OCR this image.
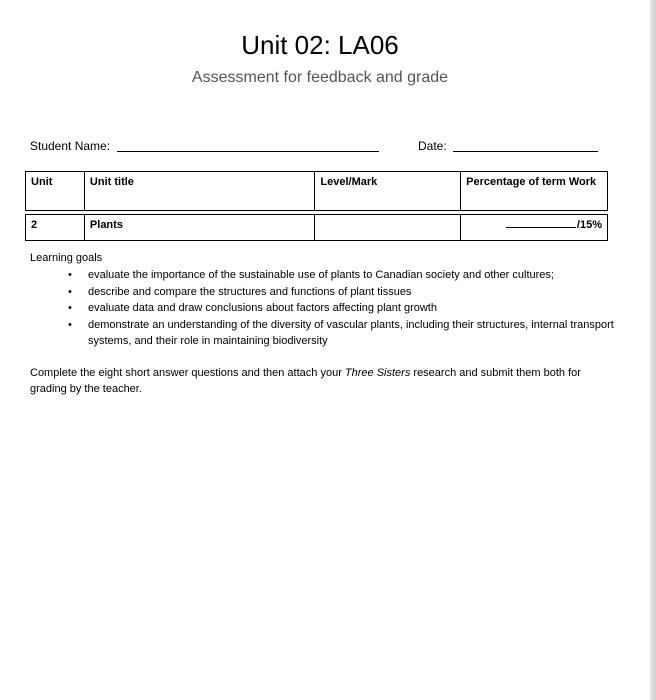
Unit 02: LA06
Assessment for feedback and grade
Student Name:	Date:
Unit	Unit title	Level/Mark	Percentage of term Work

2	Plants		/15%
Learning goals
• evaluate the importance of the sustainable use of plants to Canadian society and other cultures;
• describe and compare the structures and functions of plant tissues
• evaluate data and draw conclusions about factors affecting plant growth
• demonstrate an understanding of the diversity of vascular plants, including their structures, internal transport systems, and their role in maintaining biodiversity
Complete the eight short answer questions and then attach your Three Sisters research and submit them both for grading by the teacher.
